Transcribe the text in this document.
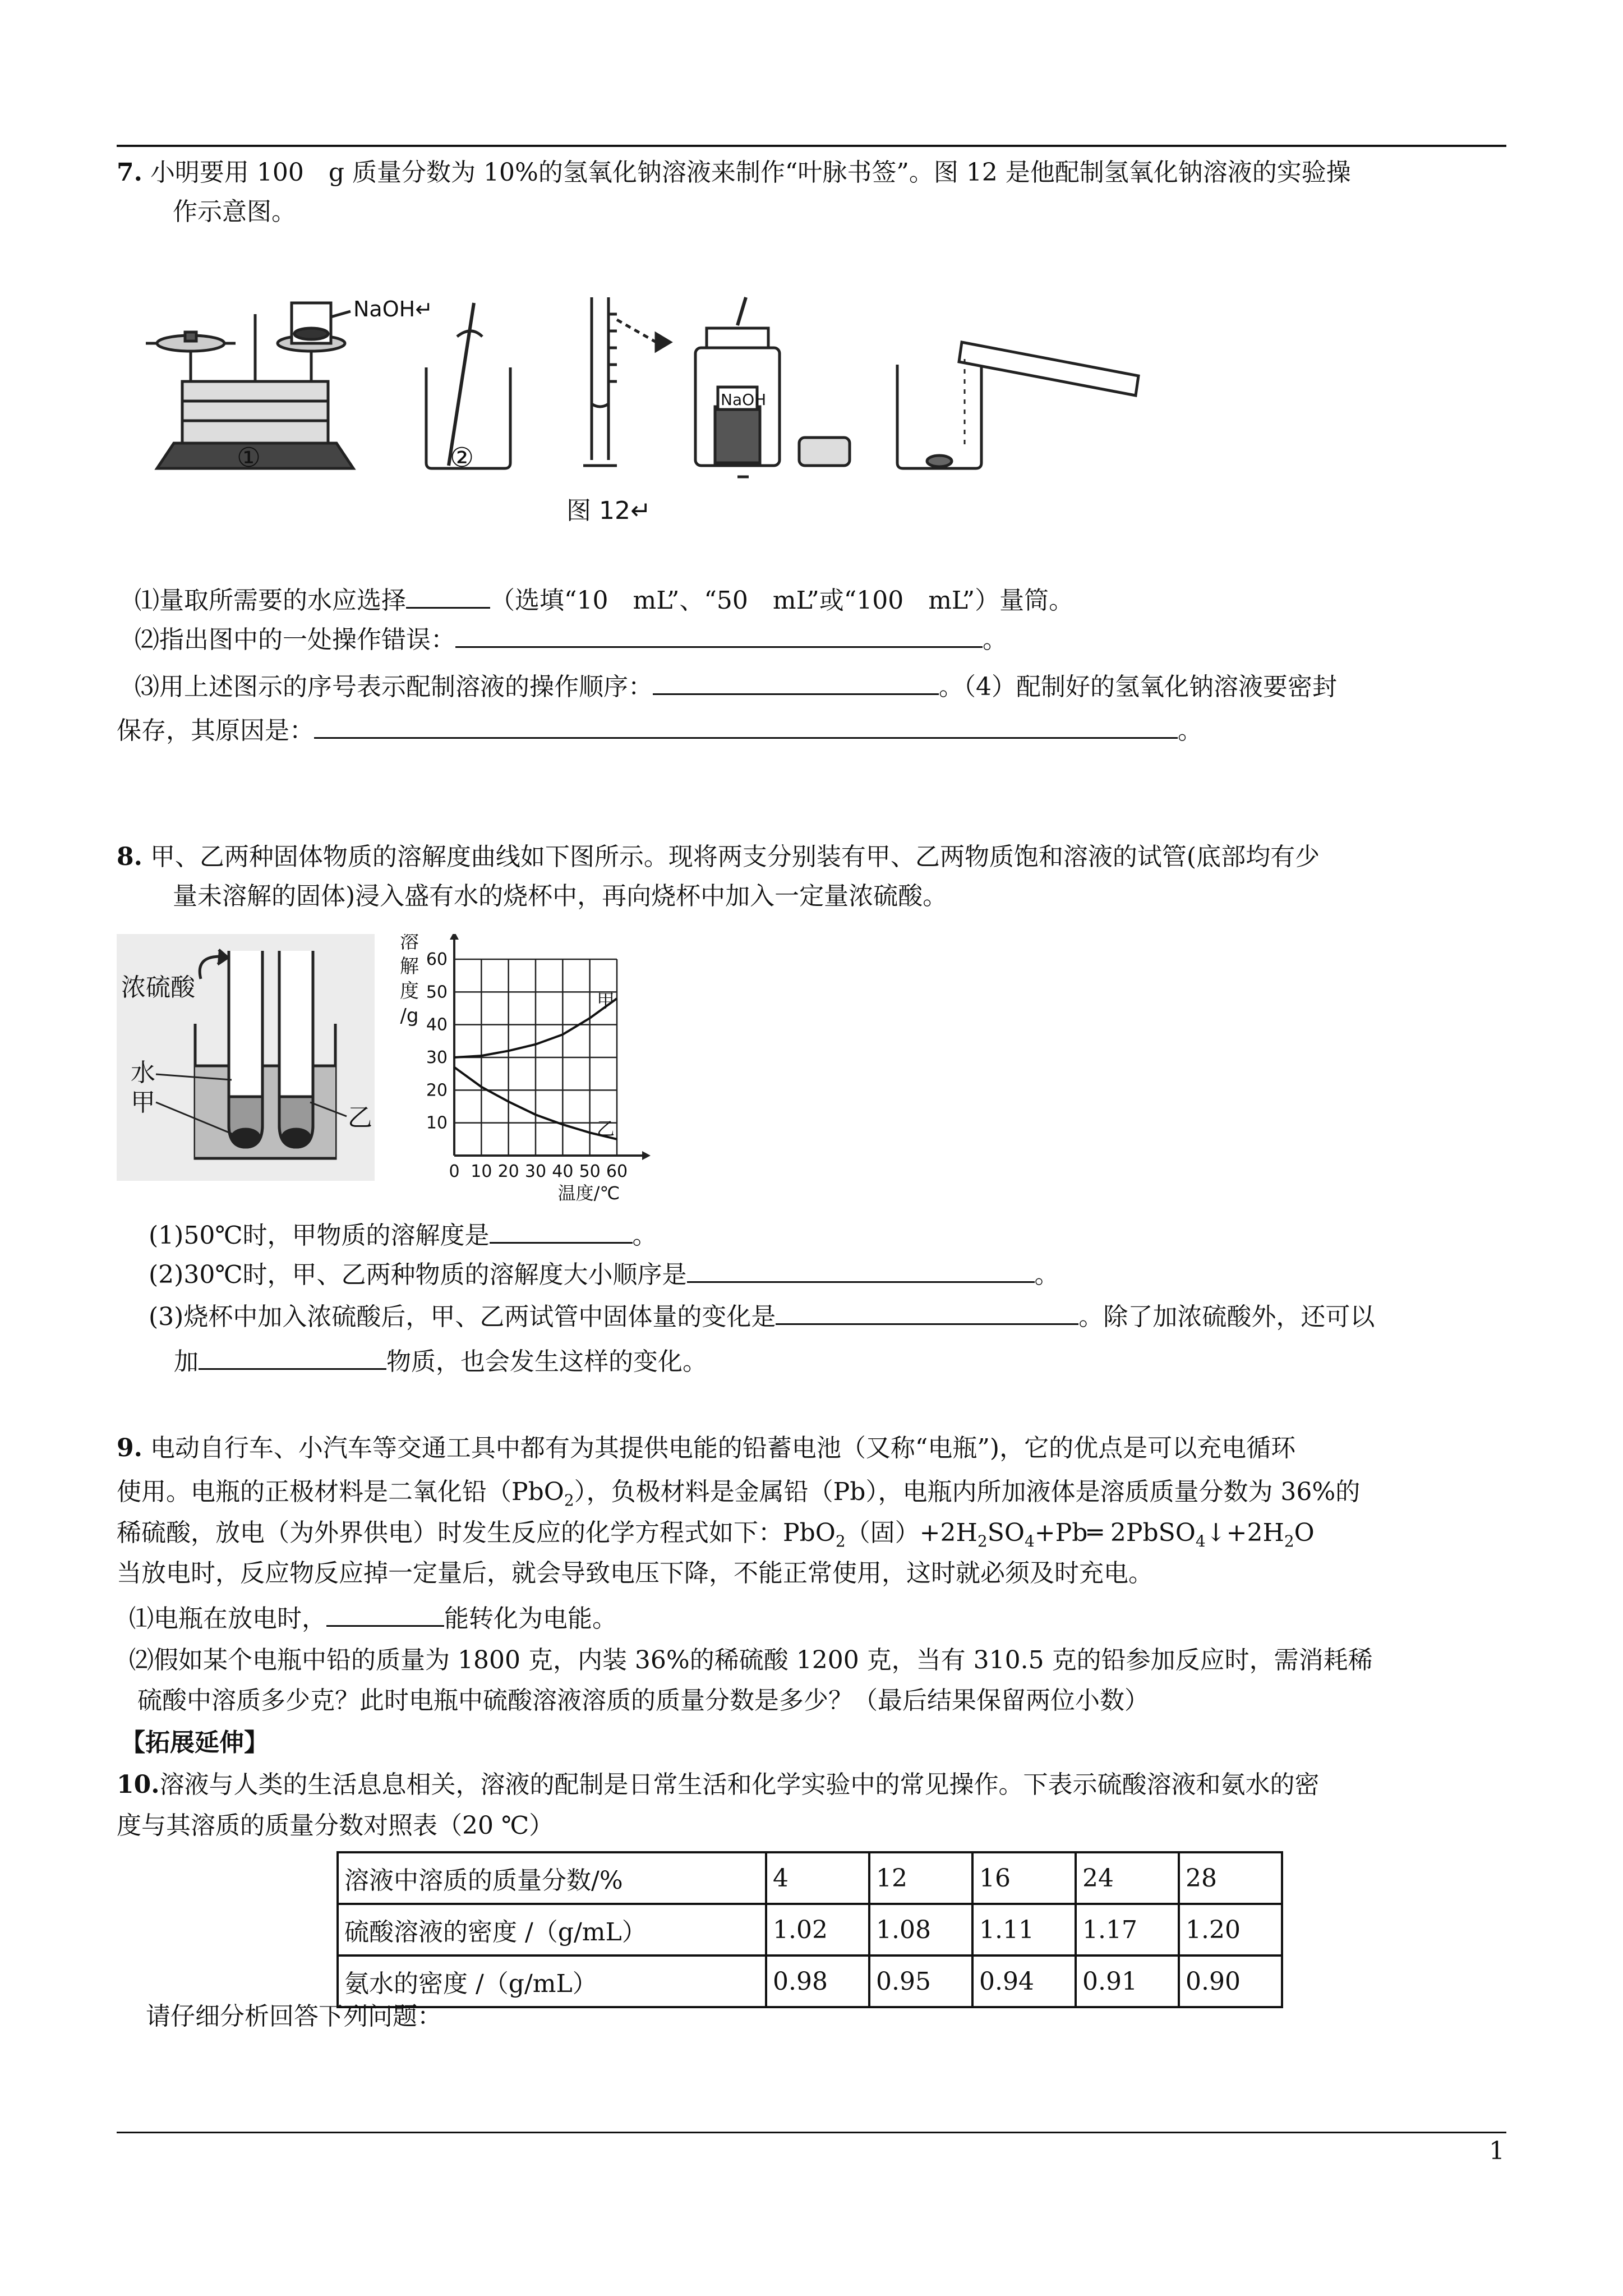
7. 小明要用 100　g 质量分数为 10%的氢氧化钠溶液来制作“叶脉书签”。图 12 是他配制氢氧化钠溶液的实验操
作示意图。
NaOH↵
①	②
NaOH
图 12↵
⑴量取所需要的水应选择	（选填“10　mL”、“50　mL”或“100　mL”）量筒。
⑵指出图中的一处操作错误：	。
⑶用上述图示的序号表示配制溶液的操作顺序：	。（4）配制好的氢氧化钠溶液要密封
保存，其原因是：	。
8. 甲、乙两种固体物质的溶解度曲线如下图所示。现将两支分别装有甲、乙两物质饱和溶液的试管(底部均有少
量未溶解的固体)浸入盛有水的烧杯中，再向烧杯中加入一定量浓硫酸。
浓硫酸
水
甲
乙
0 10 20 30 40 50 60
10
20
30
40
50
60
溶
解
度
/g
温度/℃
甲
乙
(1)50℃时，甲物质的溶解度是	。
(2)30℃时，甲、乙两种物质的溶解度大小顺序是	。
(3)烧杯中加入浓硫酸后，甲、乙两试管中固体量的变化是	。除了加浓硫酸外，还可以
加	物质，也会发生这样的变化。
9. 电动自行车、小汽车等交通工具中都有为其提供电能的铅蓄电池（又称“电瓶”)，它的优点是可以充电循环
使用。电瓶的正极材料是二氧化铅（PbO$_2$），负极材料是金属铅（Pb），电瓶内所加液体是溶质质量分数为 36%的
稀硫酸，放电（为外界供电）时发生反应的化学方程式如下：PbO$_2$（固）$+2H_2SO_4+Pb═$ $2PbSO_4↓+2H_2O$
当放电时，反应物反应掉一定量后，就会导致电压下降，不能正常使用，这时就必须及时充电。
⑴电瓶在放电时，	能转化为电能。
⑵假如某个电瓶中铅的质量为 1800 克，内装 36%的稀硫酸 1200 克，当有 310.5 克的铅参加反应时，需消耗稀
硫酸中溶质多少克？此时电瓶中硫酸溶液溶质的质量分数是多少？（最后结果保留两位小数）
【拓展延伸】
10.溶液与人类的生活息息相关，溶液的配制是日常生活和化学实验中的常见操作。下表示硫酸溶液和氨水的密
度与其溶质的质量分数对照表（20 ℃）
溶液中溶质的质量分数/%	4	12	16	24	28
硫酸溶液的密度 /（g/mL）	1.02	1.08	1.11	1.17	1.20
氨水的密度 /（g/mL）	0.98	0.95	0.94	0.91	0.90
请仔细分析回答下列问题：
1
